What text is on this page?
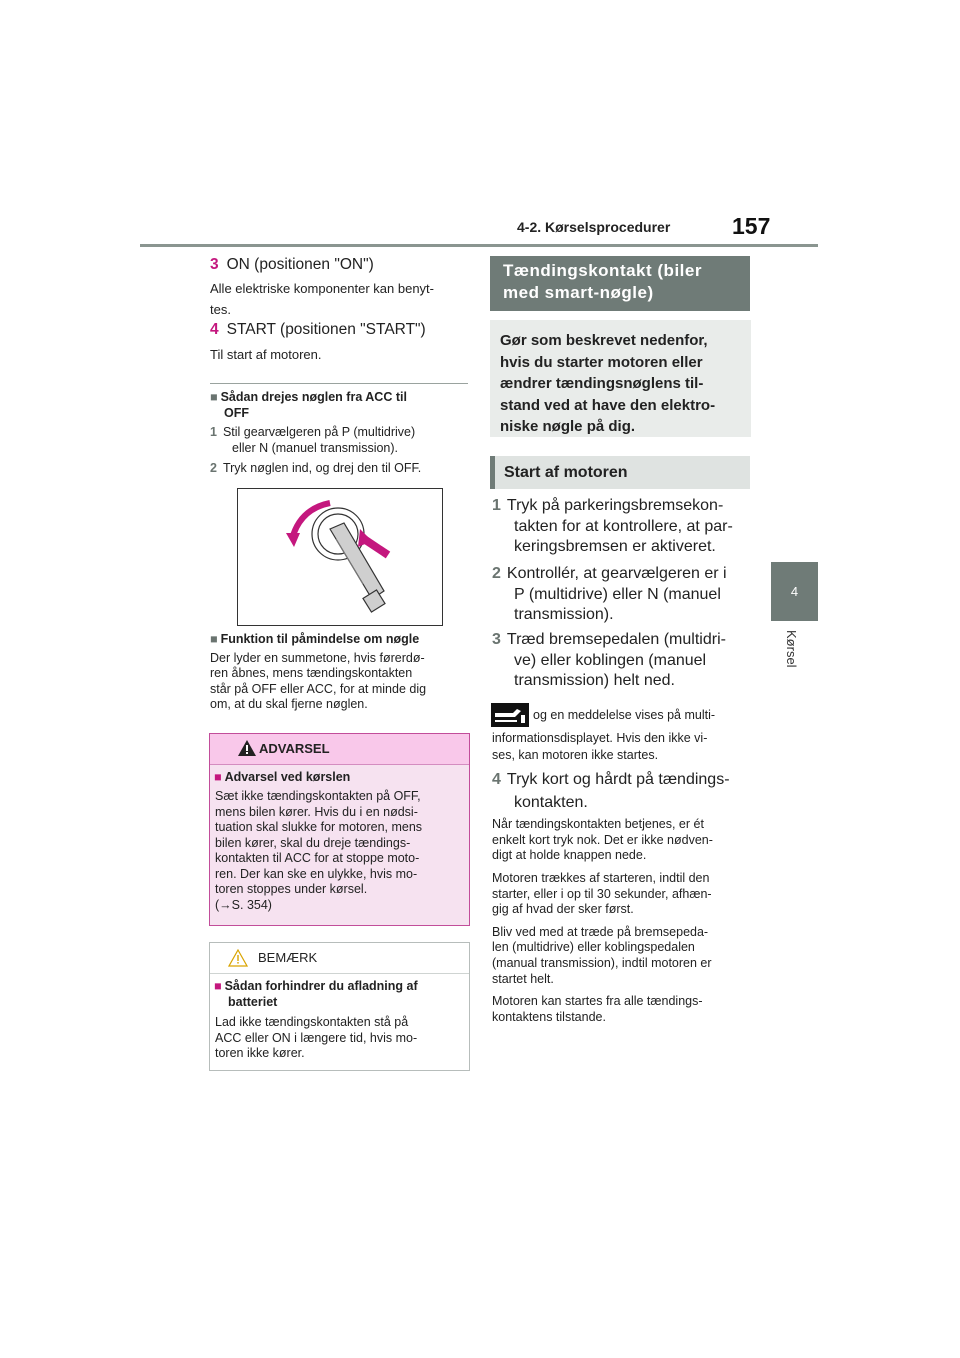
4-2. Kørselsprocedurer	157
4
Kørsel
3 ON (positionen "ON")
Alle elektriske komponenter kan benyt-
tes.
4 START (positionen "START")
Til start af motoren.
■ Sådan drejes nøglen fra ACC til
OFF
1 Stil gearvælgeren på P (multidrive)
eller N (manuel transmission).
2 Tryk nøglen ind, og drej den til OFF.
■ Funktion til påmindelse om nøgle
Der lyder en summetone, hvis førerdø-
ren åbnes, mens tændingskontakten
står på OFF eller ACC, for at minde dig
om, at du skal fjerne nøglen.
ADVARSEL
■ Advarsel ved kørslen
Sæt ikke tændingskontakten på OFF,
mens bilen kører. Hvis du i en nødsi-
tuation skal slukke for motoren, mens
bilen kører, skal du dreje tændings-
kontakten til ACC for at stoppe moto-
ren. Der kan ske en ulykke, hvis mo-
toren stoppes under kørsel.
(→S. 354)
BEMÆRK
■ Sådan forhindrer du afladning af
batteriet
Lad ikke tændingskontakten stå på
ACC eller ON i længere tid, hvis mo-
toren ikke kører.
Tændingskontakt (biler
med smart-nøgle)
Gør som beskrevet nedenfor,
hvis du starter motoren eller
ændrer tændingsnøglens til-
stand ved at have den elektro-
niske nøgle på dig.
Start af motoren
1 Tryk på parkeringsbremsekon-
takten for at kontrollere, at par-
keringsbremsen er aktiveret.
2 Kontrollér, at gearvælgeren er i
P (multidrive) eller N (manuel
transmission).
3 Træd bremsepedalen (multidri-
ve) eller koblingen (manuel
transmission) helt ned.
og en meddelelse vises på multi-
informationsdisplayet. Hvis den ikke vi-
ses, kan motoren ikke startes.
4 Tryk kort og hårdt på tændings-
kontakten.
Når tændingskontakten betjenes, er ét
enkelt kort tryk nok. Det er ikke nødven-
digt at holde knappen nede.
Motoren trækkes af starteren, indtil den
starter, eller i op til 30 sekunder, afhæn-
gig af hvad der sker først.
Bliv ved med at træde på bremsepeda-
len (multidrive) eller koblingspedalen
(manual transmission), indtil motoren er
startet helt.
Motoren kan startes fra alle tændings-
kontaktens tilstande.
